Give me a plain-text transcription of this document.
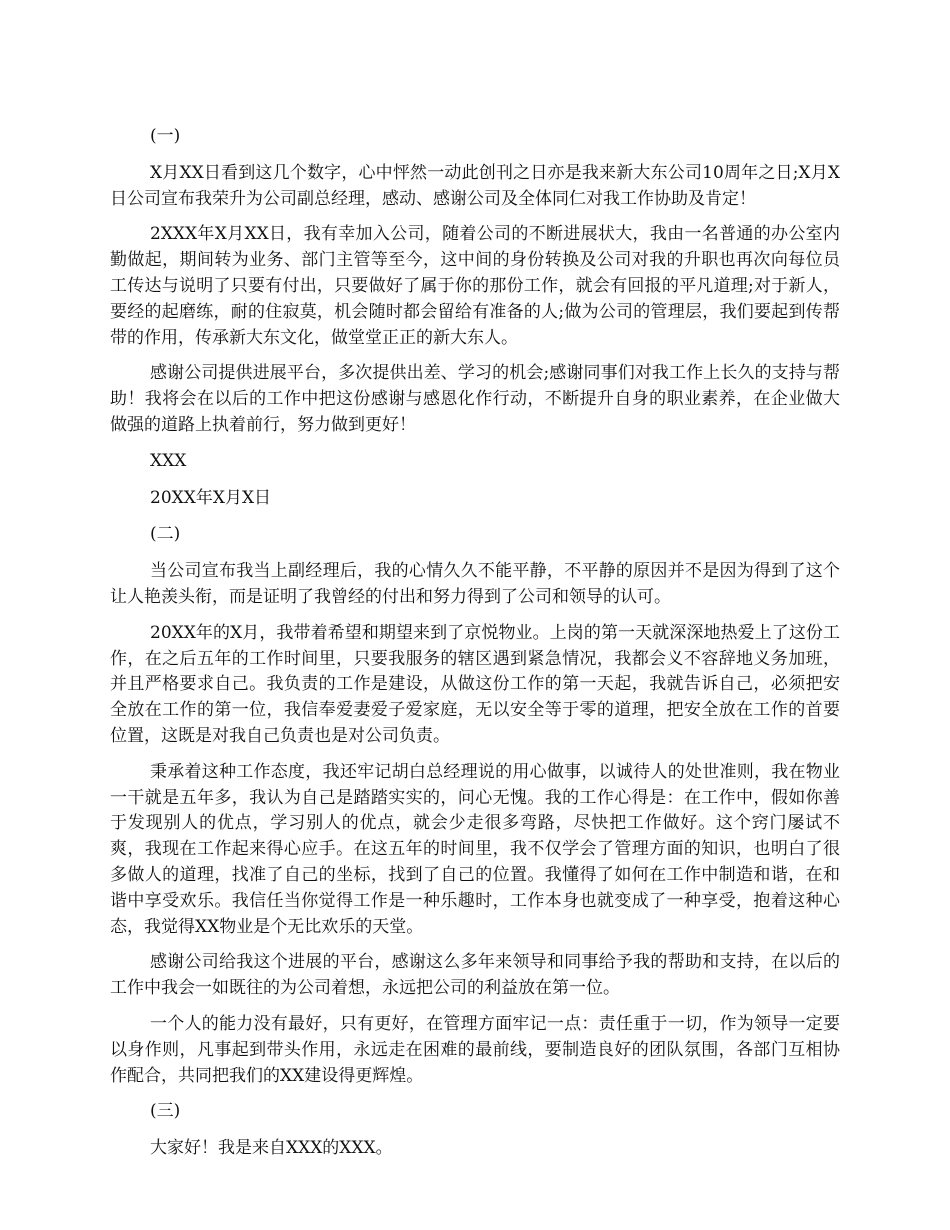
(一)

X月XX日看到这几个数字，心中怦然一动此创刊之日亦是我来新大东公司10周年之日;X月X日公司宣布我荣升为公司副总经理，感动、感谢公司及全体同仁对我工作协助及肯定！

2XXX年X月XX日，我有幸加入公司，随着公司的不断进展状大，我由一名普通的办公室内勤做起，期间转为业务、部门主管等至今，这中间的身份转换及公司对我的升职也再次向每位员工传达与说明了只要有付出，只要做好了属于你的那份工作，就会有回报的平凡道理;对于新人，要经的起磨练，耐的住寂莫，机会随时都会留给有准备的人;做为公司的管理层，我们要起到传帮带的作用，传承新大东文化，做堂堂正正的新大东人。

感谢公司提供进展平台，多次提供出差、学习的机会;感谢同事们对我工作上长久的支持与帮助！我将会在以后的工作中把这份感谢与感恩化作行动，不断提升自身的职业素养，在企业做大做强的道路上执着前行，努力做到更好！

XXX

20XX年X月X日

(二)

当公司宣布我当上副经理后，我的心情久久不能平静，不平静的原因并不是因为得到了这个让人艳羡头衔，而是证明了我曾经的付出和努力得到了公司和领导的认可。

20XX年的X月，我带着希望和期望来到了京悦物业。上岗的第一天就深深地热爱上了这份工作，在之后五年的工作时间里，只要我服务的辖区遇到紧急情况，我都会义不容辞地义务加班，并且严格要求自己。我负责的工作是建设，从做这份工作的第一天起，我就告诉自己，必须把安全放在工作的第一位，我信奉爱妻爱子爱家庭，无以安全等于零的道理，把安全放在工作的首要位置，这既是对我自己负责也是对公司负责。

秉承着这种工作态度，我还牢记胡白总经理说的用心做事，以诚待人的处世准则，我在物业一干就是五年多，我认为自己是踏踏实实的，问心无愧。我的工作心得是：在工作中，假如你善于发现别人的优点，学习别人的优点，就会少走很多弯路，尽快把工作做好。这个窍门屡试不爽，我现在工作起来得心应手。在这五年的时间里，我不仅学会了管理方面的知识，也明白了很多做人的道理，找准了自己的坐标，找到了自己的位置。我懂得了如何在工作中制造和谐，在和谐中享受欢乐。我信任当你觉得工作是一种乐趣时，工作本身也就变成了一种享受，抱着这种心态，我觉得XX物业是个无比欢乐的天堂。

感谢公司给我这个进展的平台，感谢这么多年来领导和同事给予我的帮助和支持，在以后的工作中我会一如既往的为公司着想，永远把公司的利益放在第一位。

一个人的能力没有最好，只有更好，在管理方面牢记一点：责任重于一切，作为领导一定要以身作则，凡事起到带头作用，永远走在困难的最前线，要制造良好的团队氛围，各部门互相协作配合，共同把我们的XX建设得更辉煌。

(三)

大家好！我是来自XXX的XXX。
